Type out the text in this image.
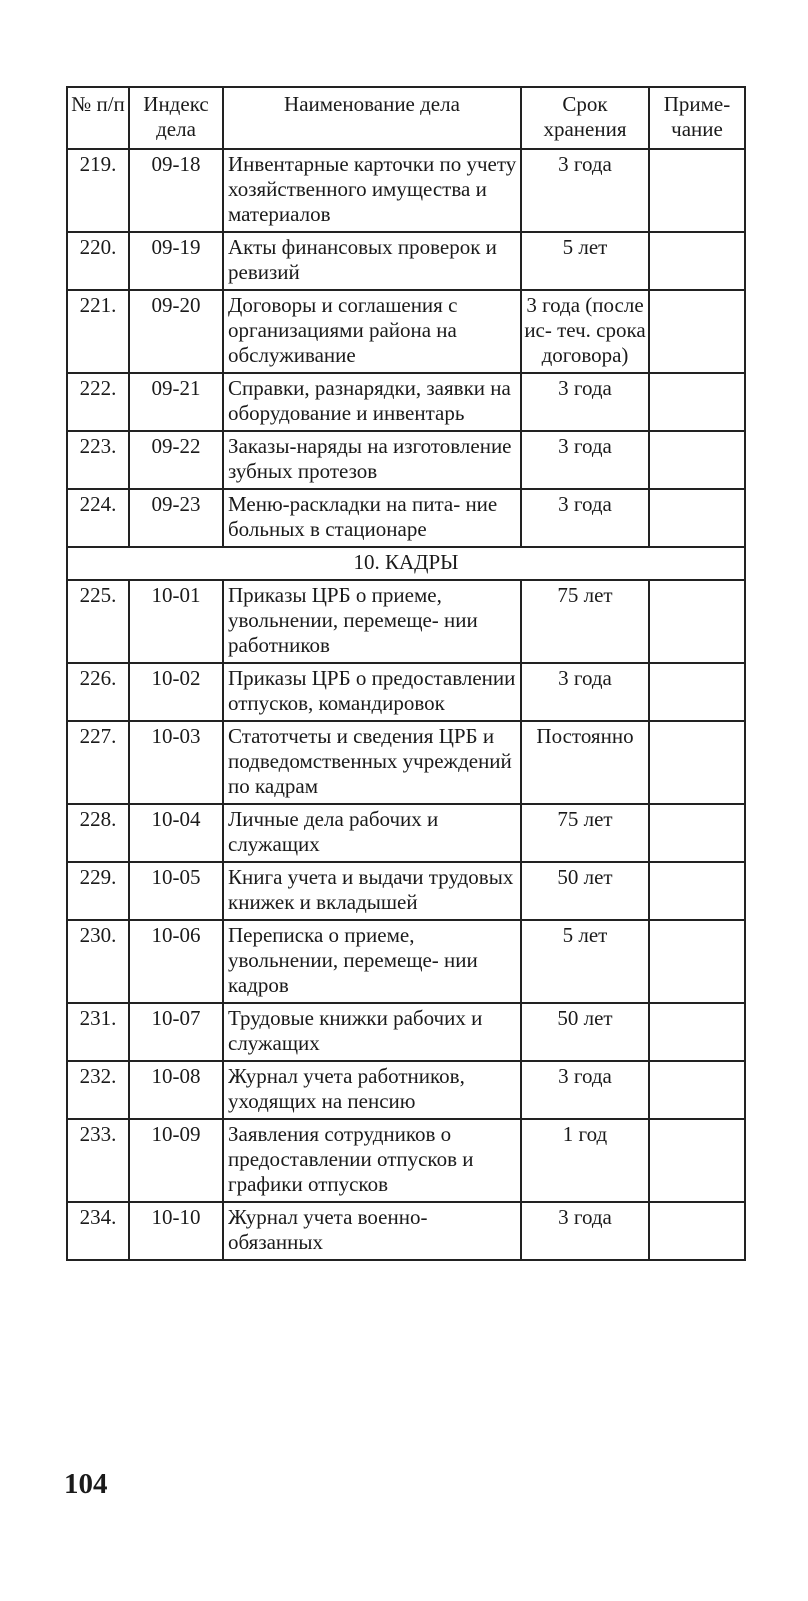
№ п/п	Индекс дела	Наименование дела	Срок хранения	Приме- чание
219.	09-18	Инвентарные карточки по учету хозяйственного имущества и материалов	3 года	
220.	09-19	Акты финансовых проверок и ревизий	5 лет	
221.	09-20	Договоры и соглашения с организациями района на обслуживание	3 года (после ис- теч. срока договора)	
222.	09-21	Справки, разнарядки, заявки на оборудование и инвентарь	3 года	
223.	09-22	Заказы-наряды на изготовление зубных протезов	3 года	
224.	09-23	Меню-раскладки на пита- ние больных в стационаре	3 года	
10. КАДРЫ				
225.	10-01	Приказы ЦРБ о приеме, увольнении, перемеще- нии работников	75 лет	
226.	10-02	Приказы ЦРБ о предоставлении отпусков, командировок	3 года	
227.	10-03	Статотчеты и сведения ЦРБ и подведомственных учреждений по кадрам	Постоянно	
228.	10-04	Личные дела рабочих и служащих	75 лет	
229.	10-05	Книга учета и выдачи трудовых книжек и вкладышей	50 лет	
230.	10-06	Переписка о приеме, увольнении, перемеще- нии кадров	5 лет	
231.	10-07	Трудовые книжки рабочих и служащих	50 лет	
232.	10-08	Журнал учета работников, уходящих на пенсию	3 года	
233.	10-09	Заявления сотрудников о предоставлении отпусков и графики отпусков	1 год	
234.	10-10	Журнал учета военно- обязанных	3 года	
104
